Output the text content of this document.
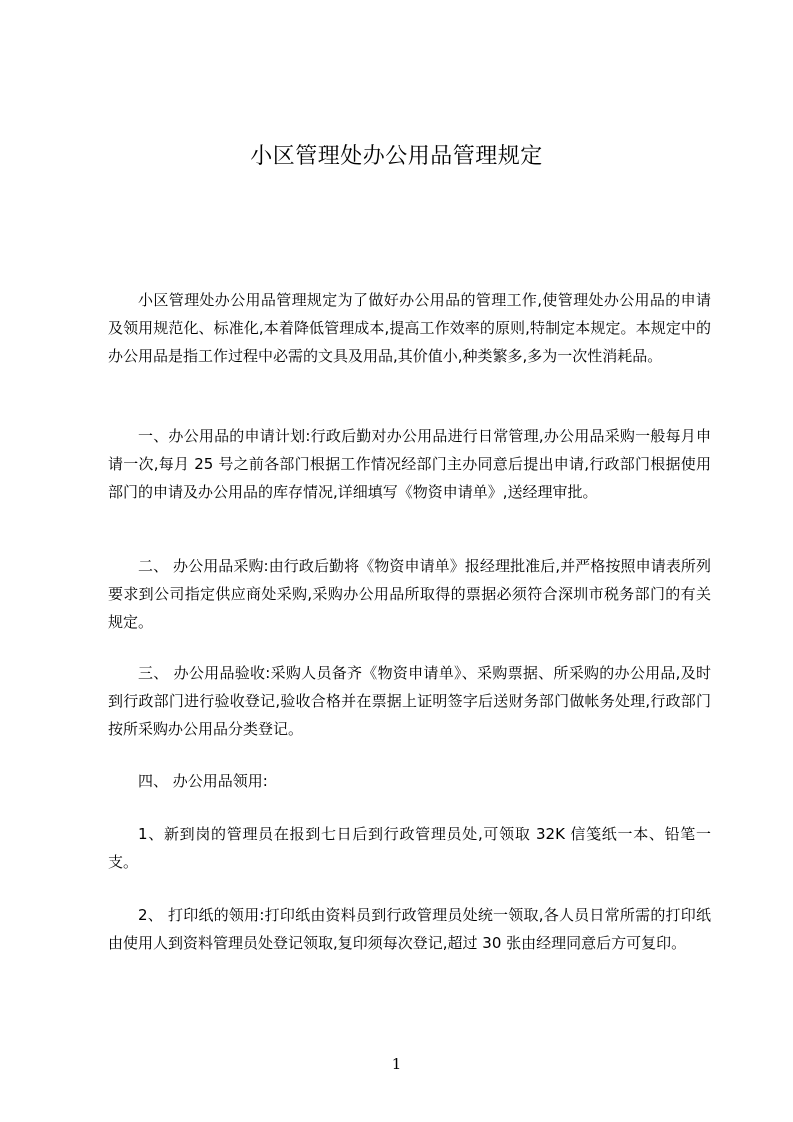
小区管理处办公用品管理规定

小区管理处办公用品管理规定为了做好办公用品的管理工作,使管理处办公用品的申请及领用规范化、标准化,本着降低管理成本,提高工作效率的原则,特制定本规定。本规定中的办公用品是指工作过程中必需的文具及用品,其价值小,种类繁多,多为一次性消耗品。

一、办公用品的申请计划:行政后勤对办公用品进行日常管理,办公用品采购一般每月申请一次,每月 25 号之前各部门根据工作情况经部门主办同意后提出申请,行政部门根据使用部门的申请及办公用品的库存情况,详细填写《物资申请单》,送经理审批。

二、 办公用品采购:由行政后勤将《物资申请单》报经理批准后,并严格按照申请表所列要求到公司指定供应商处采购,采购办公用品所取得的票据必须符合深圳市税务部门的有关规定。

三、 办公用品验收:采购人员备齐《物资申请单》、采购票据、所采购的办公用品,及时到行政部门进行验收登记,验收合格并在票据上证明签字后送财务部门做帐务处理,行政部门按所采购办公用品分类登记。

四、 办公用品领用:

1、新到岗的管理员在报到七日后到行政管理员处,可领取 32K 信笺纸一本、铅笔一支。

2、 打印纸的领用:打印纸由资料员到行政管理员处统一领取,各人员日常所需的打印纸由使用人到资料管理员处登记领取,复印须每次登记,超过 30 张由经理同意后方可复印。

1
